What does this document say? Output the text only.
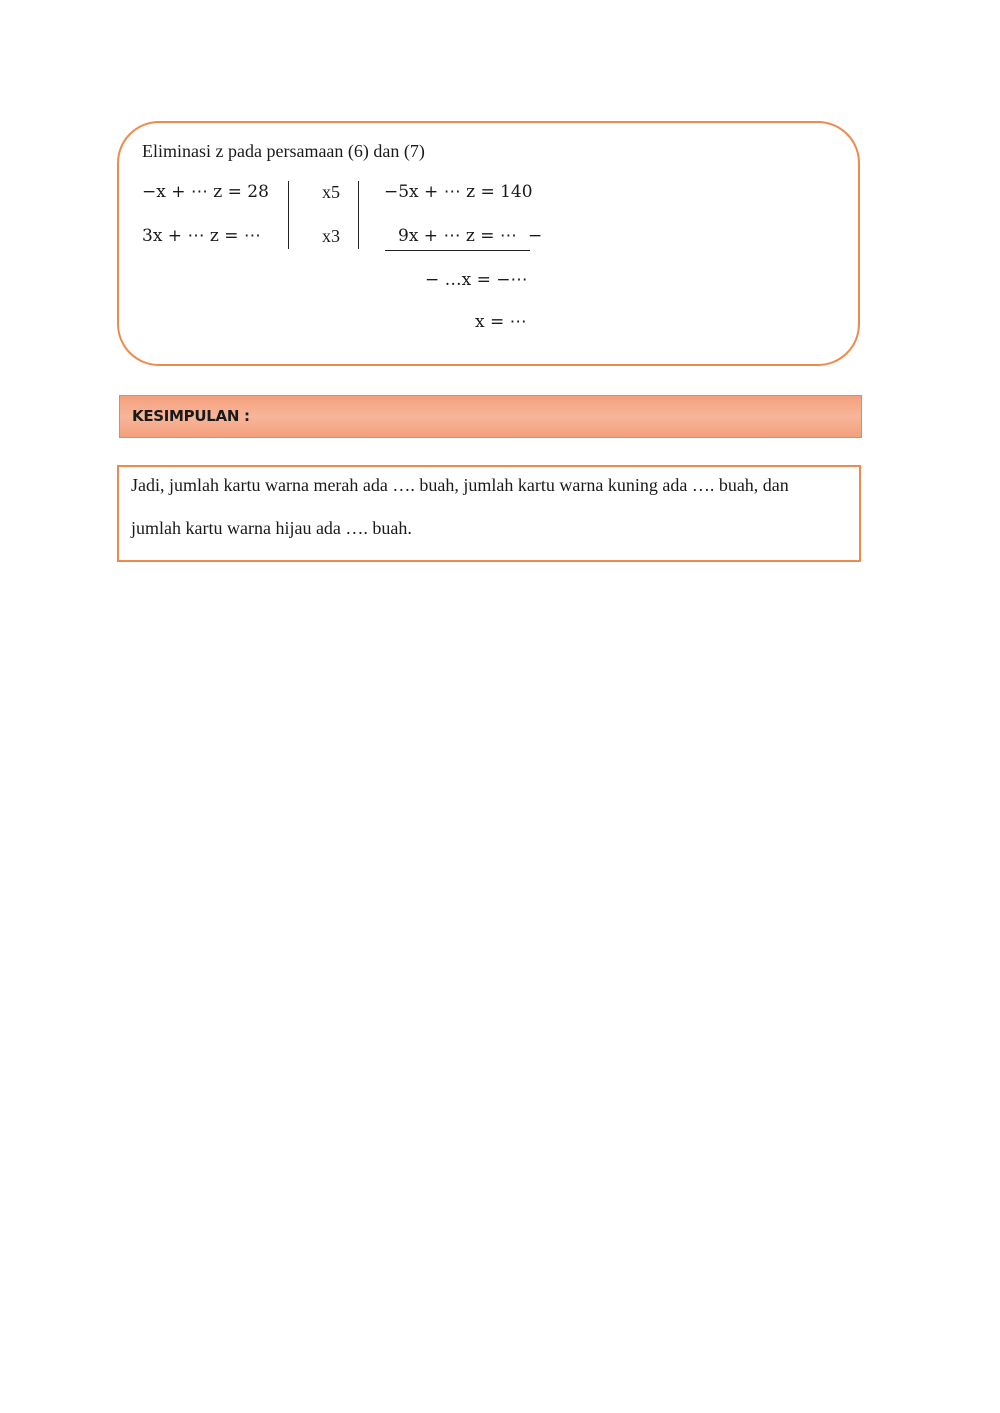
Eliminasi z pada persamaan (6) dan (7)
−x + ⋯ z = 28
3x + ⋯ z = ⋯
x5
x3
−5x + ⋯ z = 140
9x + ⋯ z = ⋯ −
− …x = −⋯
x = ⋯
KESIMPULAN :
Jadi, jumlah kartu warna merah ada …. buah, jumlah kartu warna kuning ada …. buah, dan
jumlah kartu warna hijau ada …. buah.
